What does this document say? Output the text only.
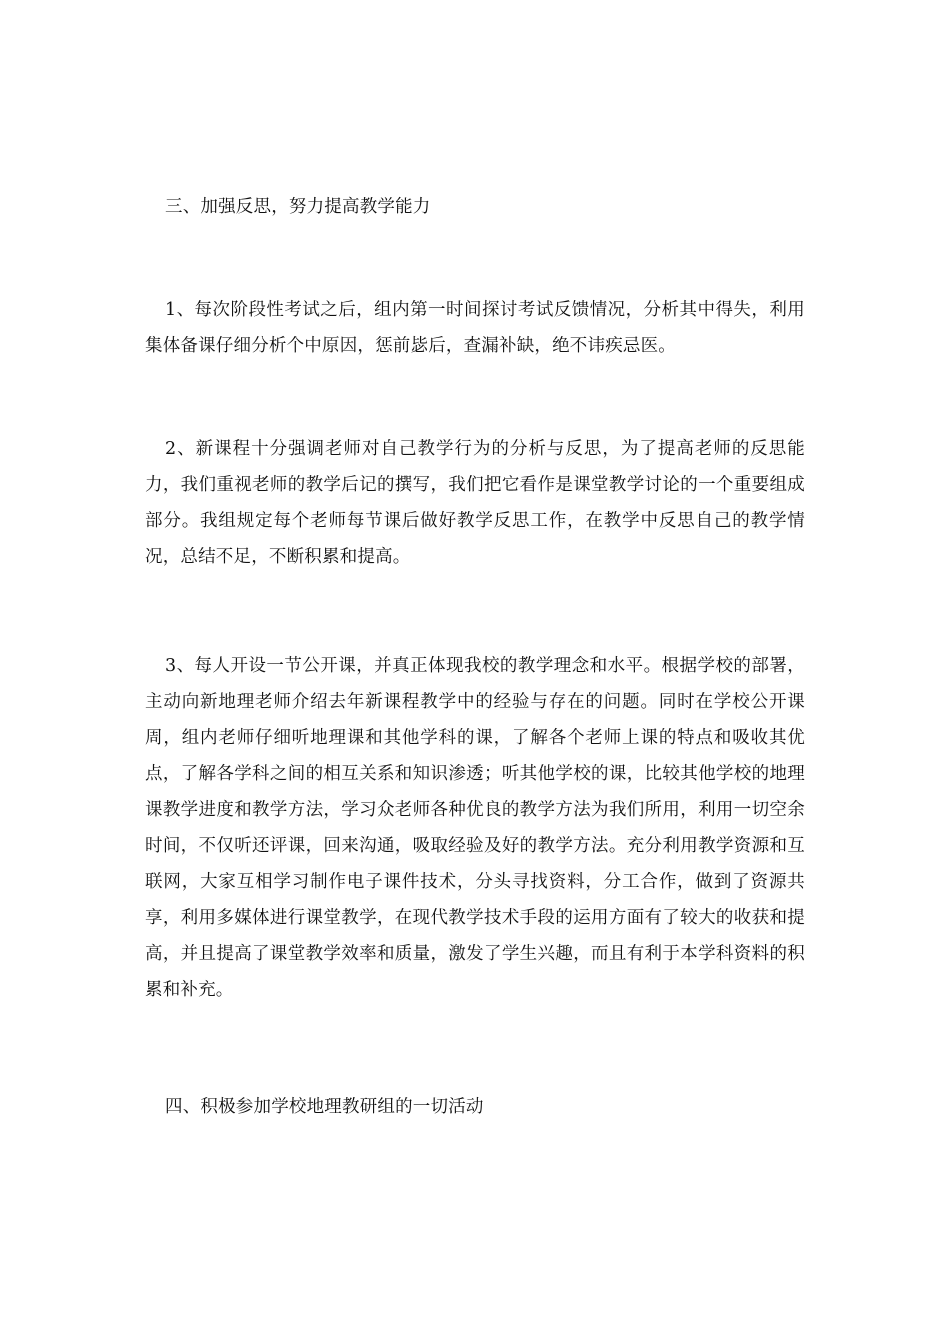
三、加强反思，努力提高教学能力

1、每次阶段性考试之后，组内第一时间探讨考试反馈情况，分析其中得失，利用集体备课仔细分析个中原因，惩前毖后，查漏补缺，绝不讳疾忌医。

2、新课程十分强调老师对自己教学行为的分析与反思，为了提高老师的反思能力，我们重视老师的教学后记的撰写，我们把它看作是课堂教学讨论的一个重要组成部分。我组规定每个老师每节课后做好教学反思工作，在教学中反思自己的教学情况，总结不足，不断积累和提高。

3、每人开设一节公开课，并真正体现我校的教学理念和水平。根据学校的部署，主动向新地理老师介绍去年新课程教学中的经验与存在的问题。同时在学校公开课周，组内老师仔细听地理课和其他学科的课，了解各个老师上课的特点和吸收其优点，了解各学科之间的相互关系和知识渗透；听其他学校的课，比较其他学校的地理课教学进度和教学方法，学习众老师各种优良的教学方法为我们所用，利用一切空余时间，不仅听还评课，回来沟通，吸取经验及好的教学方法。充分利用教学资源和互联网，大家互相学习制作电子课件技术，分头寻找资料，分工合作，做到了资源共享，利用多媒体进行课堂教学，在现代教学技术手段的运用方面有了较大的收获和提高，并且提高了课堂教学效率和质量，激发了学生兴趣，而且有利于本学科资料的积累和补充。

四、积极参加学校地理教研组的一切活动
